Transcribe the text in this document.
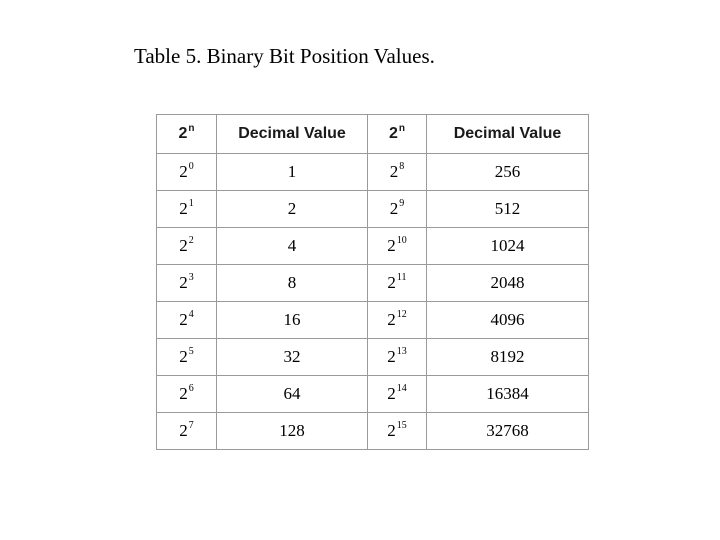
Table 5. Binary Bit Position Values.
2$^n$	Decimal Value	2$^n$	Decimal Value
$2^0$	1	$2^8$	256
$2^1$	2	$2^9$	512
$2^2$	4	$2^{10}$	1024
$2^3$	8	$2^{11}$	2048
$2^4$	16	$2^{12}$	4096
$2^5$	32	$2^{13}$	8192
$2^6$	64	$2^{14}$	16384
$2^7$	128	$2^{15}$	32768
